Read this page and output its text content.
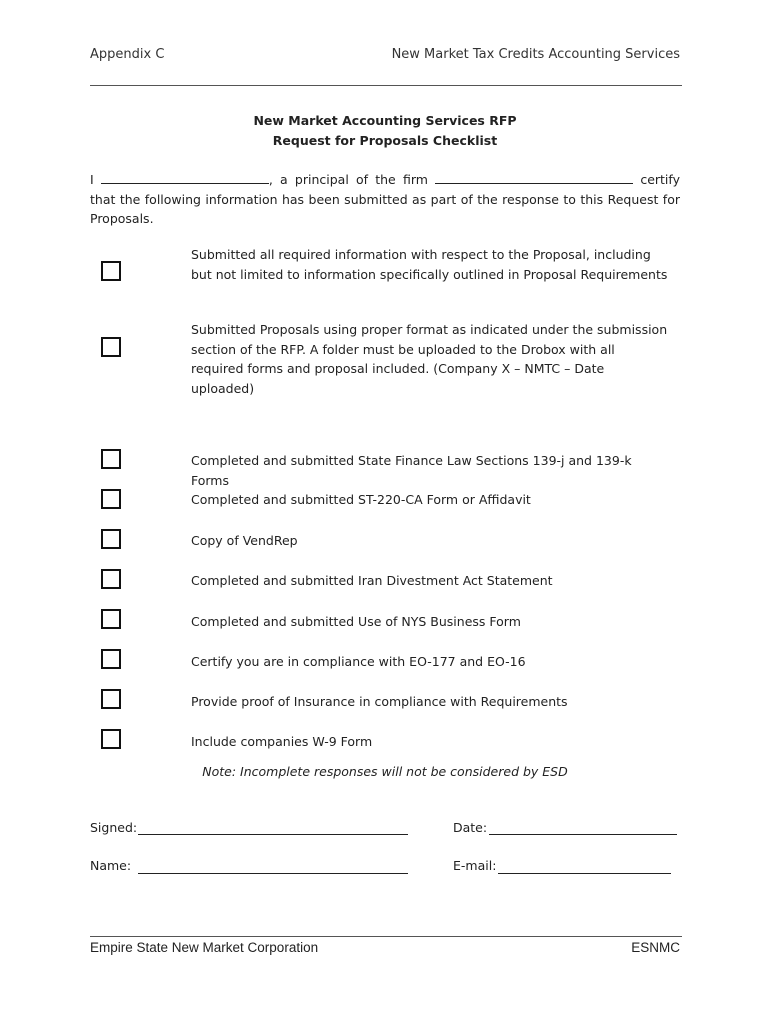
Appendix C	New Market Tax Credits Accounting Services
New Market Accounting Services RFP
Request for Proposals Checklist
I	, a principal of the firm	certify that the following information has been submitted as part of the response to this Request for Proposals.
Submitted all required information with respect to the Proposal, including but not limited to information specifically outlined in Proposal Requirements
Submitted Proposals using proper format as indicated under the submission section of the RFP. A folder must be uploaded to the Drobox with all required forms and proposal included. (Company X – NMTC – Date uploaded)
Completed and submitted State Finance Law Sections 139-j and 139-k Forms
Completed and submitted ST-220-CA Form or Affidavit
Copy of VendRep
Completed and submitted Iran Divestment Act Statement
Completed and submitted Use of NYS Business Form
Certify you are in compliance with EO-177 and EO-16
Provide proof of Insurance in compliance with Requirements
Include companies W-9 Form
Note: Incomplete responses will not be considered by ESD
Signed:	Date:
Name:	E-mail:
Empire State New Market Corporation	ESNMC
